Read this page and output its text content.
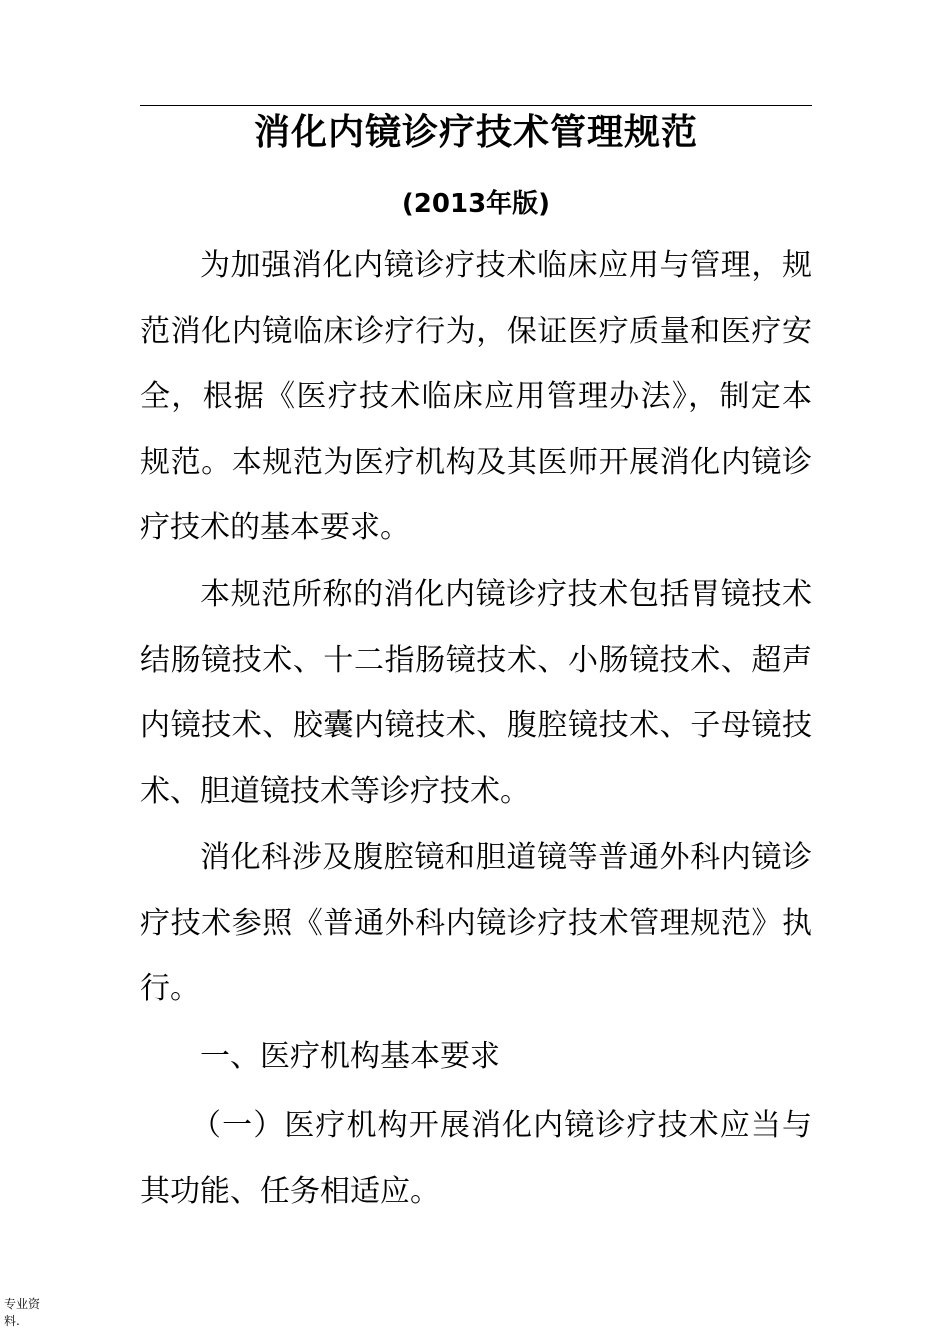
消化内镜诊疗技术管理规范
(2013年版)
为加强消化内镜诊疗技术临床应用与管理，规范消化内镜临床诊疗行为，保证医疗质量和医疗安全，根据《医疗技术临床应用管理办法》，制定本规范。本规范为医疗机构及其医师开展消化内镜诊疗技术的基本要求。
本规范所称的消化内镜诊疗技术包括胃镜技术结肠镜技术、十二指肠镜技术、小肠镜技术、超声内镜技术、胶囊内镜技术、腹腔镜技术、子母镜技术、胆道镜技术等诊疗技术。
消化科涉及腹腔镜和胆道镜等普通外科内镜诊疗技术参照《普通外科内镜诊疗技术管理规范》执行。
一、医疗机构基本要求
（一）医疗机构开展消化内镜诊疗技术应当与其功能、任务相适应。
专业资料.
